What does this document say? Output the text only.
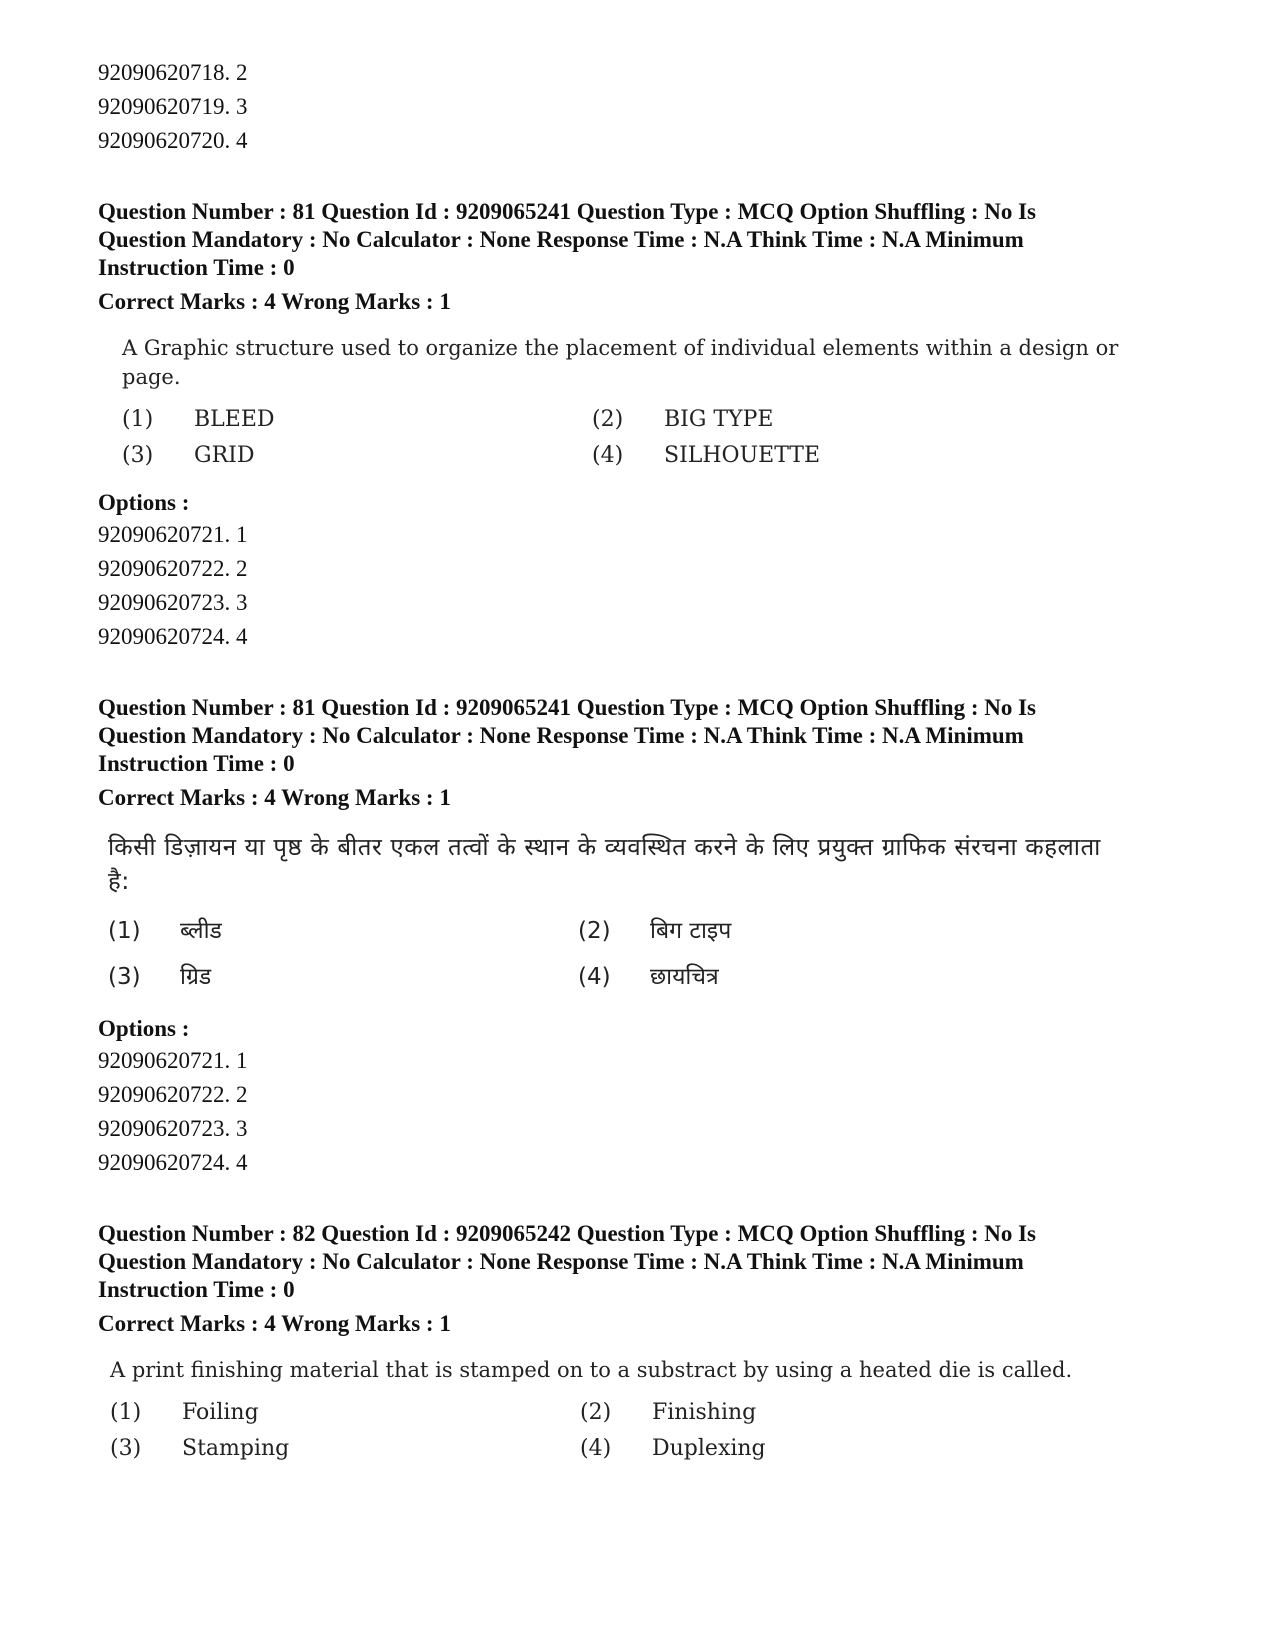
92090620718. 2
92090620719. 3
92090620720. 4

Question Number : 81 Question Id : 9209065241 Question Type : MCQ Option Shuffling : No Is

Question Mandatory : No Calculator : None Response Time : N.A Think Time : N.A Minimum

Instruction Time : 0

Correct Marks : 4 Wrong Marks : 1

A Graphic structure used to organize the placement of individual elements within a design or page.

(1) BLEED	(2) BIG TYPE
(3) GRID	(4) SILHOUETTE
Options :
92090620721. 1
92090620722. 2
92090620723. 3
92090620724. 4

Question Number : 81 Question Id : 9209065241 Question Type : MCQ Option Shuffling : No Is

Question Mandatory : No Calculator : None Response Time : N.A Think Time : N.A Minimum

Instruction Time : 0

Correct Marks : 4 Wrong Marks : 1

किसी डिज़ायन या पृष्ठ के बीतर एकल तत्वों के स्थान के व्यवस्थित करने के लिए प्रयुक्त ग्राफिक संरचना कहलाता है:

(1) ब्लीड	(2) बिग टाइप
(3) ग्रिड	(4) छायचित्र
Options :
92090620721. 1
92090620722. 2
92090620723. 3
92090620724. 4

Question Number : 82 Question Id : 9209065242 Question Type : MCQ Option Shuffling : No Is

Question Mandatory : No Calculator : None Response Time : N.A Think Time : N.A Minimum

Instruction Time : 0

Correct Marks : 4 Wrong Marks : 1

A print finishing material that is stamped on to a substract by using a heated die is called.

(1) Foiling	(2) Finishing
(3) Stamping	(4) Duplexing
